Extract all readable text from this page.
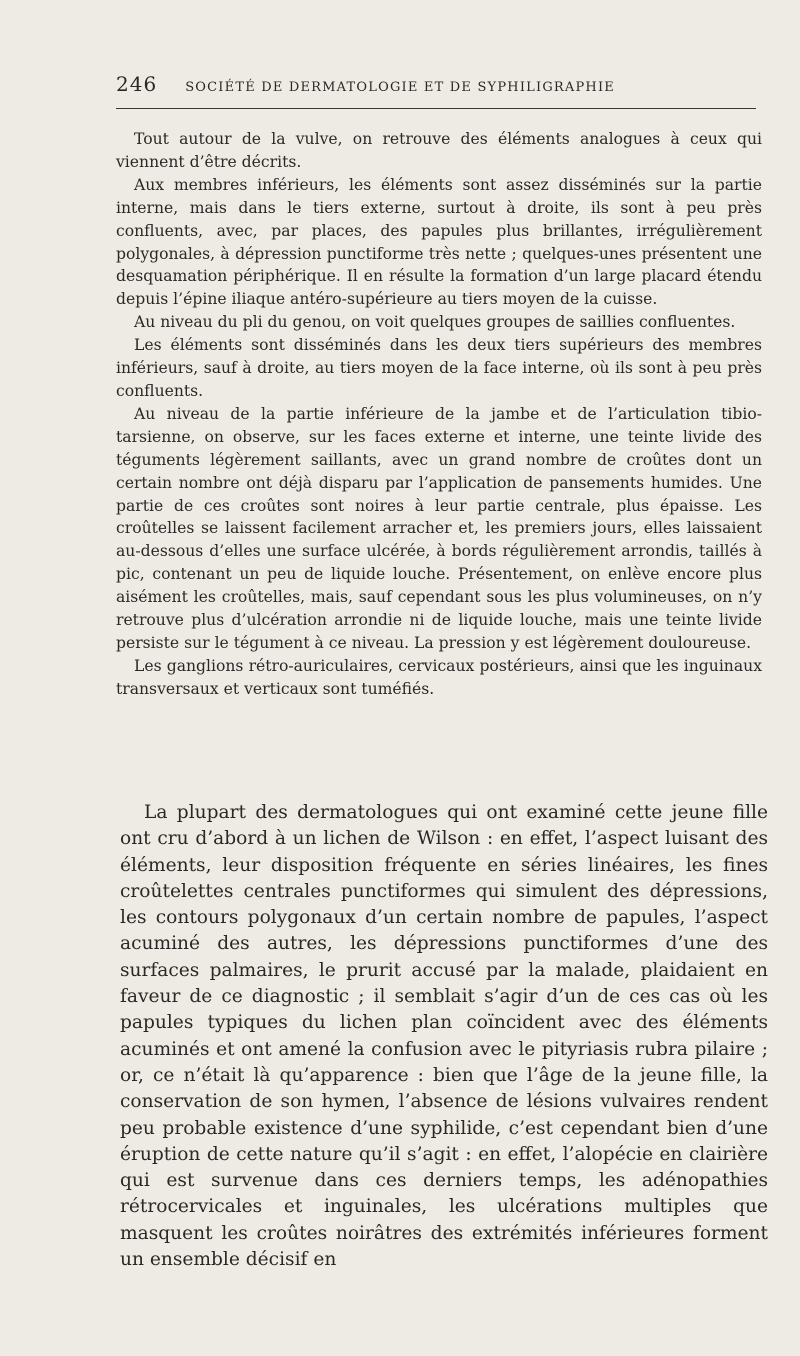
246 SOCIÉTÉ DE DERMATOLOGIE ET DE SYPHILIGRAPHIE

Tout autour de la vulve, on retrouve des éléments analogues à ceux qui viennent d’être décrits.

Aux membres inférieurs, les éléments sont assez disséminés sur la partie interne, mais dans le tiers externe, surtout à droite, ils sont à peu près confluents, avec, par places, des papules plus brillantes, irrégulièrement polygonales, à dépression punctiforme très nette ; quelques-unes présentent une desquamation périphérique. Il en résulte la formation d’un large placard étendu depuis l’épine iliaque antéro-supérieure au tiers moyen de la cuisse.

Au niveau du pli du genou, on voit quelques groupes de saillies confluentes.

Les éléments sont disséminés dans les deux tiers supérieurs des membres inférieurs, sauf à droite, au tiers moyen de la face interne, où ils sont à peu près confluents.

Au niveau de la partie inférieure de la jambe et de l’articulation tibio-tarsienne, on observe, sur les faces externe et interne, une teinte livide des téguments légèrement saillants, avec un grand nombre de croûtes dont un certain nombre ont déjà disparu par l’application de pansements humides. Une partie de ces croûtes sont noires à leur partie centrale, plus épaisse. Les croûtelles se laissent facilement arracher et, les premiers jours, elles laissaient au-dessous d’elles une surface ulcérée, à bords régulièrement arrondis, taillés à pic, contenant un peu de liquide louche. Présentement, on enlève encore plus aisément les croûtelles, mais, sauf cependant sous les plus volumineuses, on n’y retrouve plus d’ulcération arrondie ni de liquide louche, mais une teinte livide persiste sur le tégument à ce niveau. La pression y est légèrement douloureuse.

Les ganglions rétro-auriculaires, cervicaux postérieurs, ainsi que les inguinaux transversaux et verticaux sont tuméfiés.

La plupart des dermatologues qui ont examiné cette jeune fille ont cru d’abord à un lichen de Wilson : en effet, l’aspect luisant des éléments, leur disposition fréquente en séries linéaires, les fines croûtelettes centrales punctiformes qui simulent des dépressions, les contours polygonaux d’un certain nombre de papules, l’aspect acuminé des autres, les dépressions punctiformes d’une des surfaces palmaires, le prurit accusé par la malade, plaidaient en faveur de ce diagnostic ; il semblait s’agir d’un de ces cas où les papules typiques du lichen plan coïncident avec des éléments acuminés et ont amené la confusion avec le pityriasis rubra pilaire ; or, ce n’était là qu’apparence : bien que l’âge de la jeune fille, la conservation de son hymen, l’absence de lésions vulvaires rendent peu probable existence d’une syphilide, c’est cependant bien d’une éruption de cette nature qu’il s’agit : en effet, l’alopécie en clairière qui est survenue dans ces derniers temps, les adénopathies rétrocervicales et inguinales, les ulcérations multiples que masquent les croûtes noirâtres des extrémités inférieures forment un ensemble décisif en
